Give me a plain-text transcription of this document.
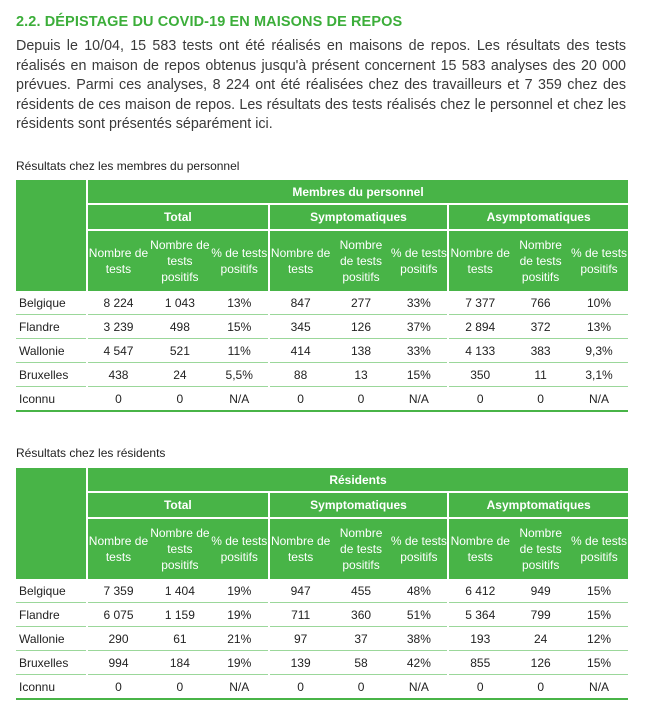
2.2. DÉPISTAGE DU COVID-19 EN MAISONS DE REPOS

Depuis le 10/04, 15 583 tests ont été réalisés en maisons de repos. Les résultats des tests réalisés en maison de repos obtenus jusqu'à présent concernent 15 583 analyses des 20 000 prévues. Parmi ces analyses, 8 224 ont été réalisées chez des travailleurs et 7 359 chez des résidents de ces maison de repos. Les résultats des tests réalisés chez le personnel et chez les résidents sont présentés séparément ici.

Résultats chez les membres du personnel

	Membres du personnel								
	Total			Symptomatiques			Asymptomatiques		
	Nombre de tests	Nombre de tests positifs	% de tests positifs	Nombre de tests	Nombre de tests positifs	% de tests positifs	Nombre de tests	Nombre de tests positifs	% de tests positifs
Belgique	8 224	1 043	13%	847	277	33%	7 377	766	10%
Flandre	3 239	498	15%	345	126	37%	2 894	372	13%
Wallonie	4 547	521	11%	414	138	33%	4 133	383	9,3%
Bruxelles	438	24	5,5%	88	13	15%	350	11	3,1%
Iconnu	0	0	N/A	0	0	N/A	0	0	N/A

Résultats chez les résidents

	Résidents								
	Total			Symptomatiques			Asymptomatiques		
	Nombre de tests	Nombre de tests positifs	% de tests positifs	Nombre de tests	Nombre de tests positifs	% de tests positifs	Nombre de tests	Nombre de tests positifs	% de tests positifs
Belgique	7 359	1 404	19%	947	455	48%	6 412	949	15%
Flandre	6 075	1 159	19%	711	360	51%	5 364	799	15%
Wallonie	290	61	21%	97	37	38%	193	24	12%
Bruxelles	994	184	19%	139	58	42%	855	126	15%
Iconnu	0	0	N/A	0	0	N/A	0	0	N/A
